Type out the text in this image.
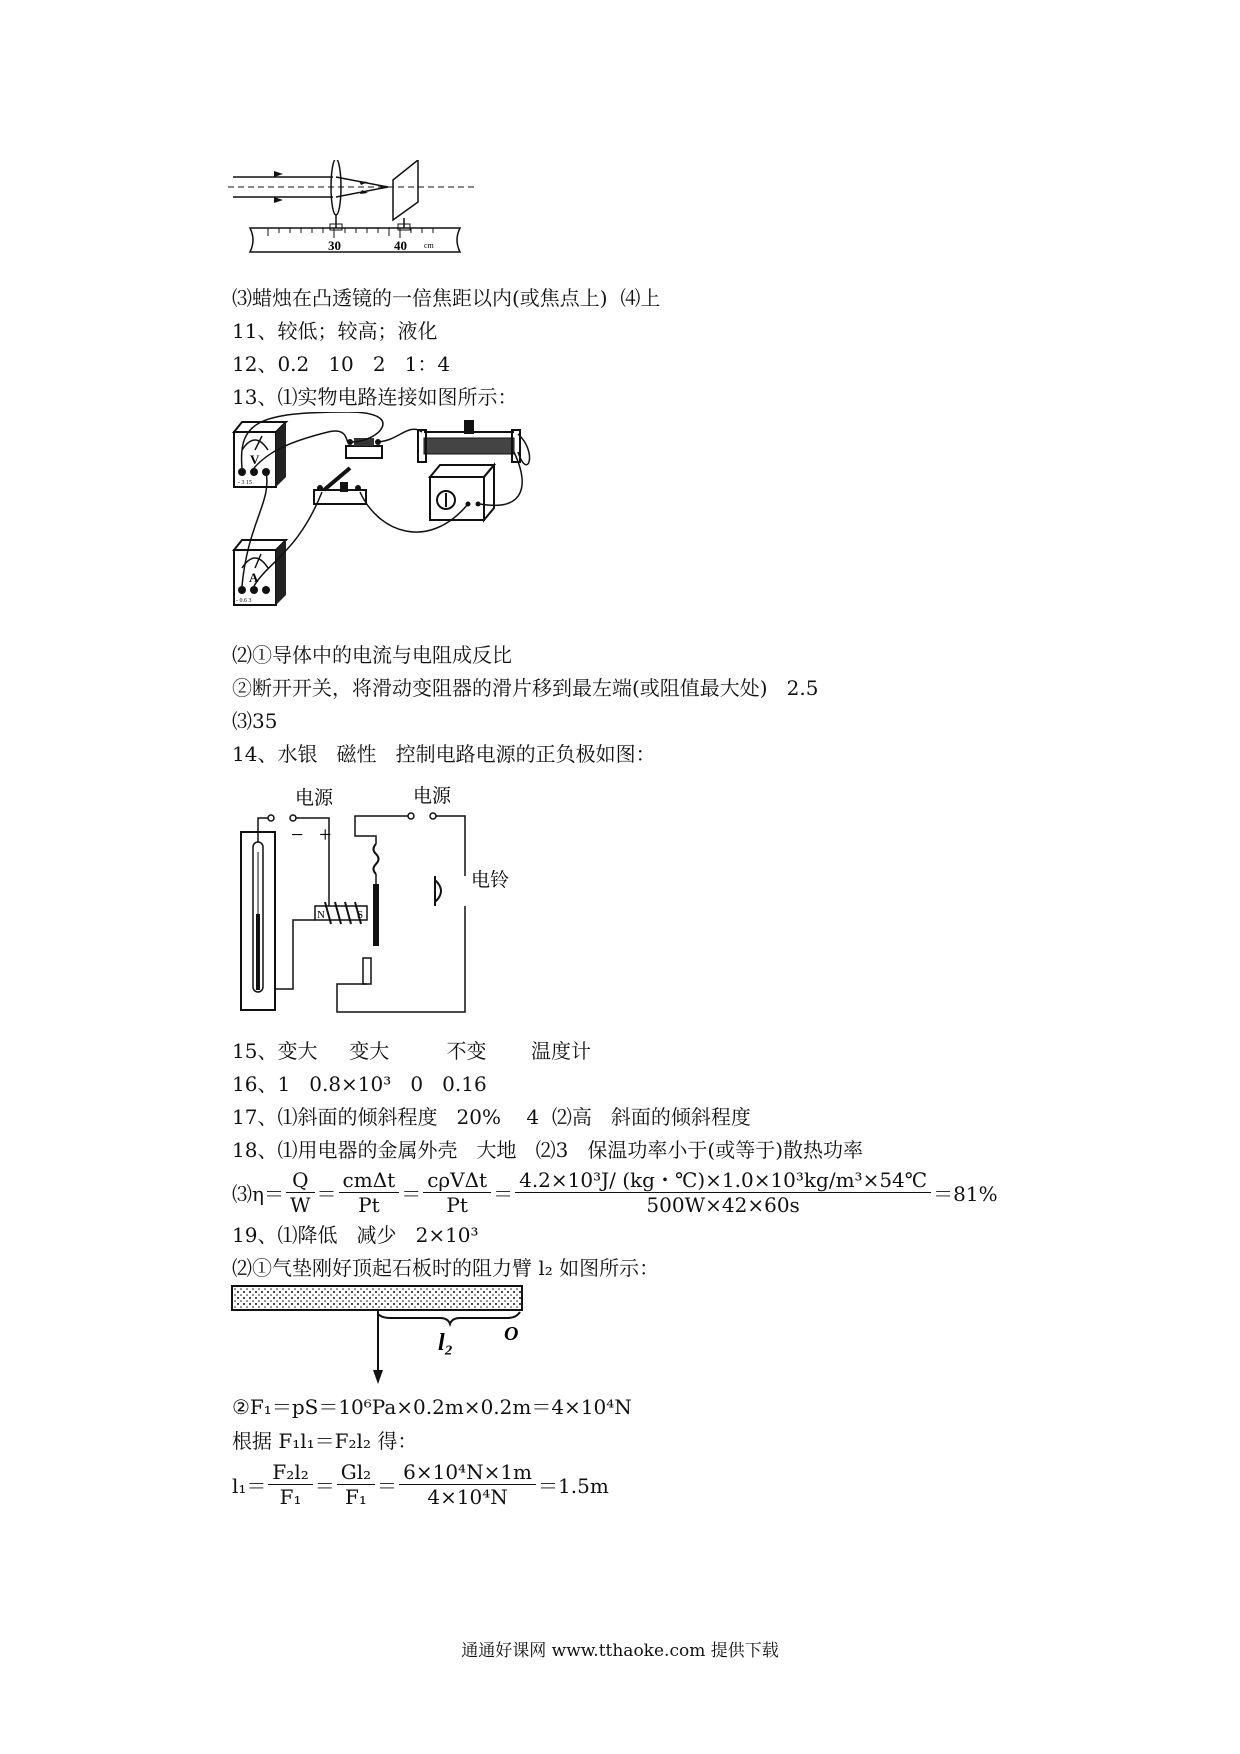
30	40 cm
⑶蜡烛在凸透镜的一倍焦距以内(或焦点上)  ⑷上
11、较低；较高；液化
12、0.2   10   2   1：4
13、⑴实物电路连接如图所示：
V
- 3 15
A
- 0.6 3
⑵①导体中的电流与电阻成反比
②断开开关，将滑动变阻器的滑片移到最左端(或阻值最大处)   2.5
⑶35
14、水银   磁性   控制电路电源的正负极如图：
电源	电源
电铃
− +
N	S
15、变大     变大         不变       温度计
16、1   0.8×10³   0   0.16
17、⑴斜面的倾斜程度   20%    4  ⑵高   斜面的倾斜程度
18、⑴用电器的金属外壳   大地   ⑵3   保温功率小于(或等于)散热功率
⑶η＝ $\frac{Q}{W} = \frac{\text{cmΔt}}{Pt} = \frac{\text{cρVΔt}}{Pt} = \frac{\text{4.2×10³J/ (kg・℃)×1.0×10³kg/m³×54℃}}{500W\times 42\times 60s} =81\%$
19、⑴降低   减少   2×10³
⑵①气垫刚好顶起石板时的阻力臂 l₂ 如图所示：
l₂	O
②F₁＝pS＝10⁶Pa×0.2m×0.2m＝4×10⁴N
根据 F₁l₁＝F₂l₂ 得：
$l_1= \frac{\text{F₂l₂}}{\text{F₁}} = \frac{\text{Gl₂}}{\text{F₁}} = \frac{\text{6×10⁴N×1m}}{\text{4×10⁴N}} =1.5m$
通通好课网 www.tthaoke.com 提供下载
